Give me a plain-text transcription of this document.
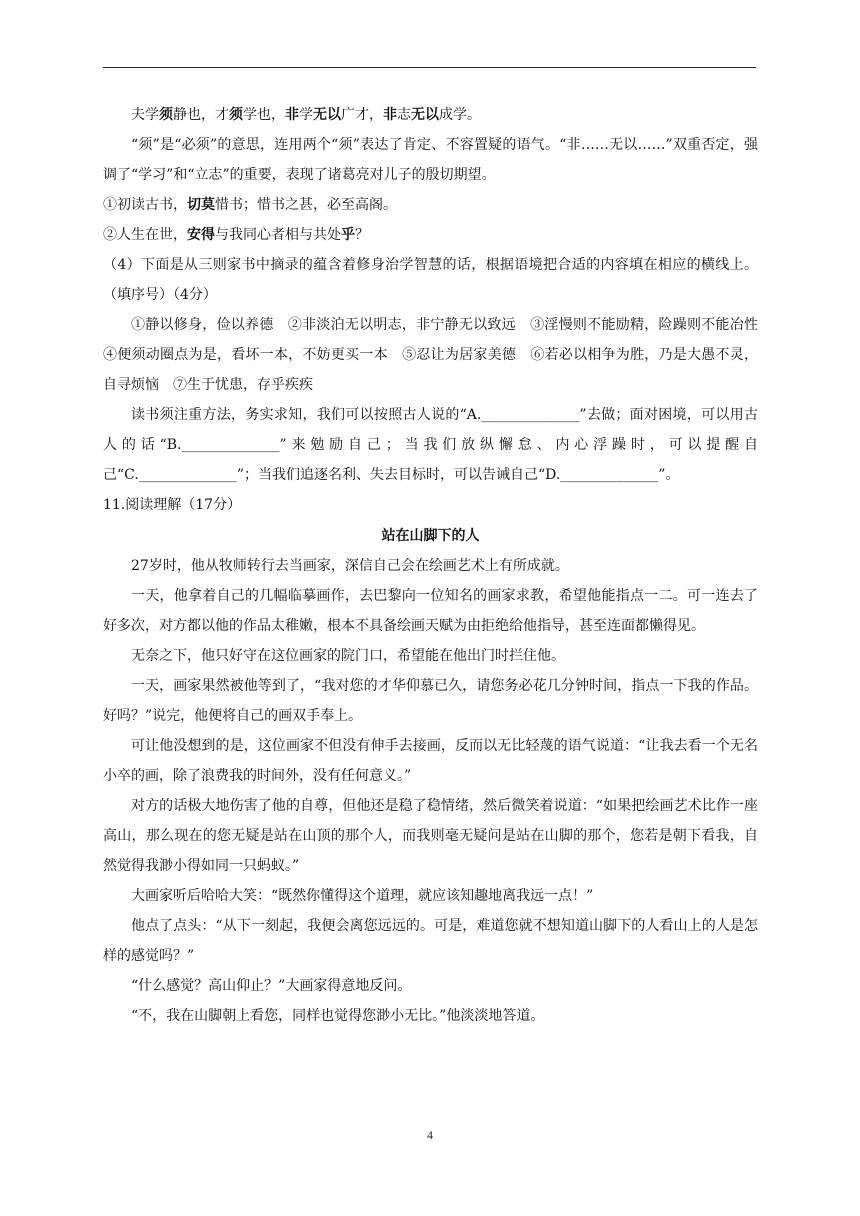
夫学须静也，才须学也，非学无以广才，非志无以成学。

“须”是“必须”的意思，连用两个“须”表达了肯定、不容置疑的语气。“非……无以……”双重否定，强调了“学习”和“立志”的重要，表现了诸葛亮对儿子的殷切期望。

①初读古书，切莫惜书；惜书之甚，必至高阁。
②人生在世，安得与我同心者相与共处乎？

（4）下面是从三则家书中摘录的蕴含着修身治学智慧的话，根据语境把合适的内容填在相应的横线上。（填序号）（4分）

①静以修身，俭以养德　②非淡泊无以明志，非宁静无以致远　③淫慢则不能励精，险躁则不能冶性　④便须动圈点为是，看坏一本，不妨更买一本　⑤忍让为居家美德　⑥若必以相争为胜，乃是大愚不灵，自寻烦恼　⑦生于忧患，存乎疾疾

读书须注重方法，务实求知，我们可以按照古人说的“A.______________”去做；面对困境，可以用古人的话“B.______________”来勉励自己；当我们放纵懈怠、内心浮躁时，可以提醒自己“C.______________”；当我们追逐名利、失去目标时，可以告诫自己“D.______________”。

11.阅读理解（17分）
站在山脚下的人

27岁时，他从牧师转行去当画家，深信自己会在绘画艺术上有所成就。

一天，他拿着自己的几幅临摹画作，去巴黎向一位知名的画家求教，希望他能指点一二。可一连去了好多次，对方都以他的作品太稚嫩，根本不具备绘画天赋为由拒绝给他指导，甚至连面都懒得见。

无奈之下，他只好守在这位画家的院门口，希望能在他出门时拦住他。

一天，画家果然被他等到了，“我对您的才华仰慕已久，请您务必花几分钟时间，指点一下我的作品。好吗？”说完，他便将自己的画双手奉上。

可让他没想到的是，这位画家不但没有伸手去接画，反而以无比轻蔑的语气说道：“让我去看一个无名小卒的画，除了浪费我的时间外，没有任何意义。”

对方的话极大地伤害了他的自尊，但他还是稳了稳情绪，然后微笑着说道：“如果把绘画艺术比作一座高山，那么现在的您无疑是站在山顶的那个人，而我则毫无疑问是站在山脚的那个，您若是朝下看我，自然觉得我渺小得如同一只蚂蚁。”

大画家听后哈哈大笑：“既然你懂得这个道理，就应该知趣地离我远一点！”

他点了点头：“从下一刻起，我便会离您远远的。可是，难道您就不想知道山脚下的人看山上的人是怎样的感觉吗？”

“什么感觉？高山仰止？”大画家得意地反问。

“不，我在山脚朝上看您，同样也觉得您渺小无比。”他淡淡地答道。

4
